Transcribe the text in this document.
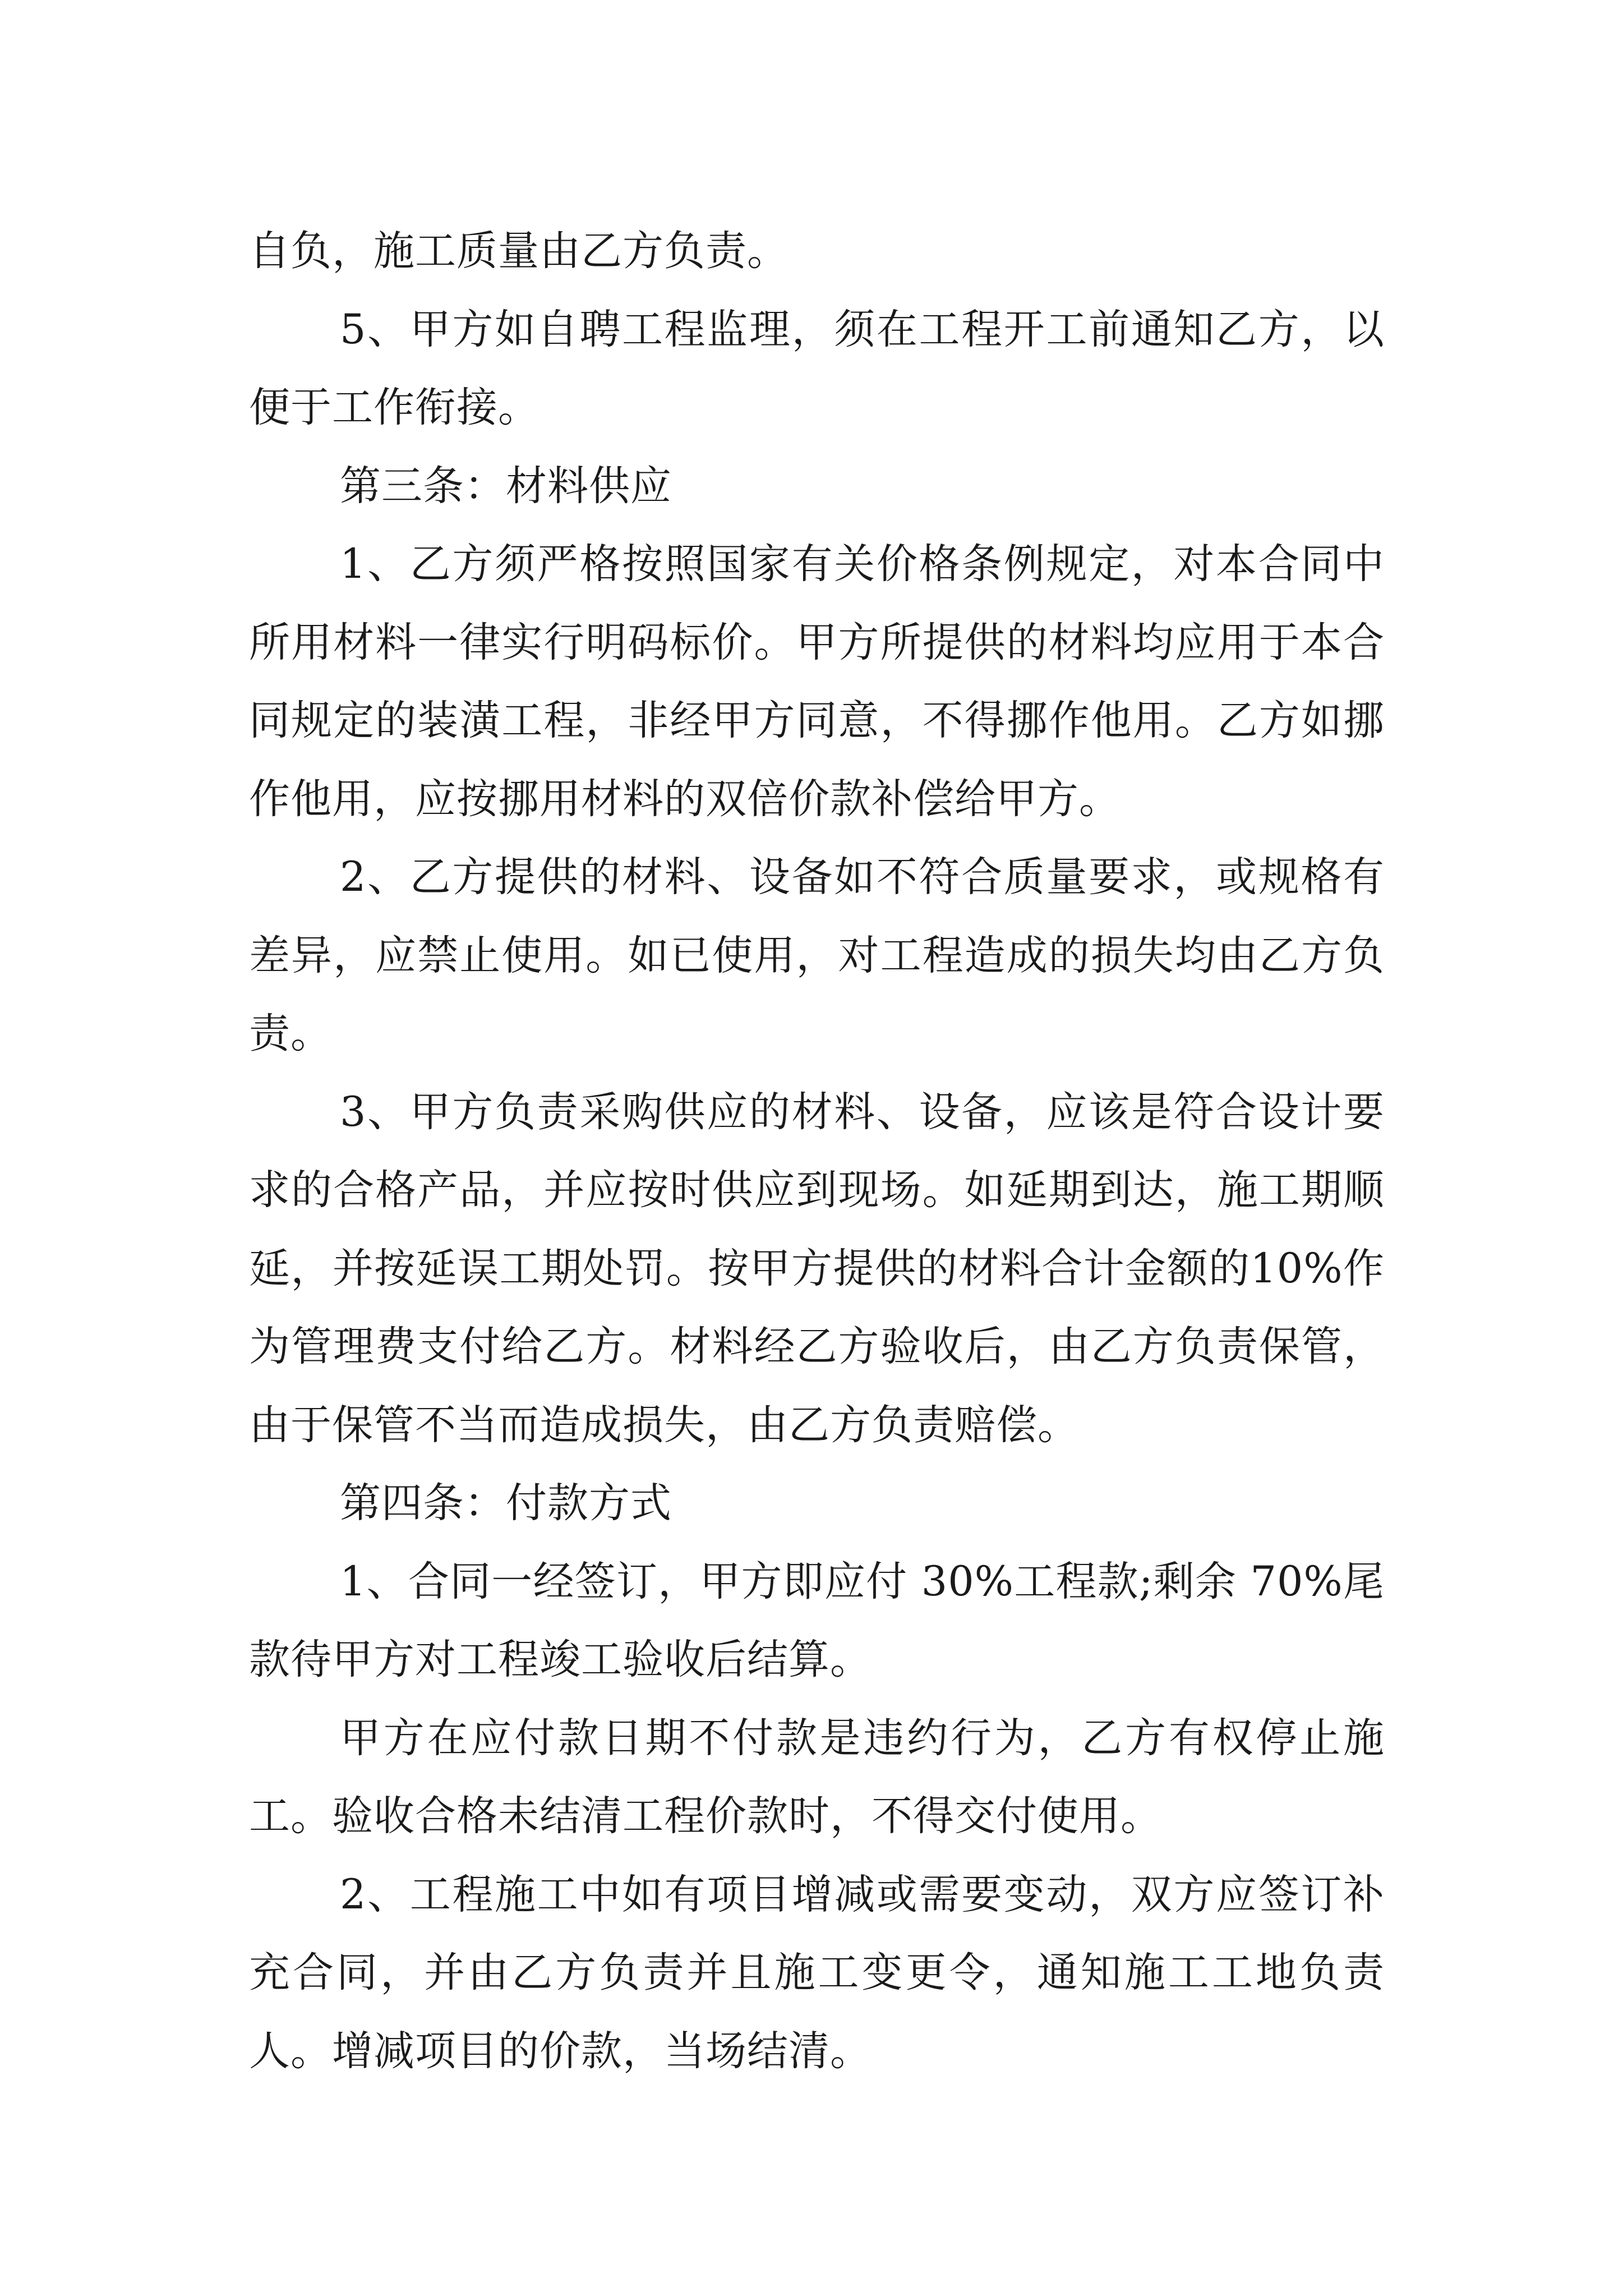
自负，施工质量由乙方负责。

5、甲方如自聘工程监理，须在工程开工前通知乙方，以便于工作衔接。

第三条：材料供应

1、乙方须严格按照国家有关价格条例规定，对本合同中所用材料一律实行明码标价。甲方所提供的材料均应用于本合同规定的装潢工程，非经甲方同意，不得挪作他用。乙方如挪作他用，应按挪用材料的双倍价款补偿给甲方。

2、乙方提供的材料、设备如不符合质量要求，或规格有差异，应禁止使用。如已使用，对工程造成的损失均由乙方负责。

3、甲方负责采购供应的材料、设备，应该是符合设计要求的合格产品，并应按时供应到现场。如延期到达，施工期顺延，并按延误工期处罚。按甲方提供的材料合计金额的10%作为管理费支付给乙方。材料经乙方验收后，由乙方负责保管，由于保管不当而造成损失，由乙方负责赔偿。

第四条：付款方式

1、合同一经签订，甲方即应付 30%工程款;剩余 70%尾款待甲方对工程竣工验收后结算。

甲方在应付款日期不付款是违约行为，乙方有权停止施工。验收合格未结清工程价款时，不得交付使用。

2、工程施工中如有项目增减或需要变动，双方应签订补充合同，并由乙方负责并且施工变更令，通知施工工地负责人。增减项目的价款，当场结清。
